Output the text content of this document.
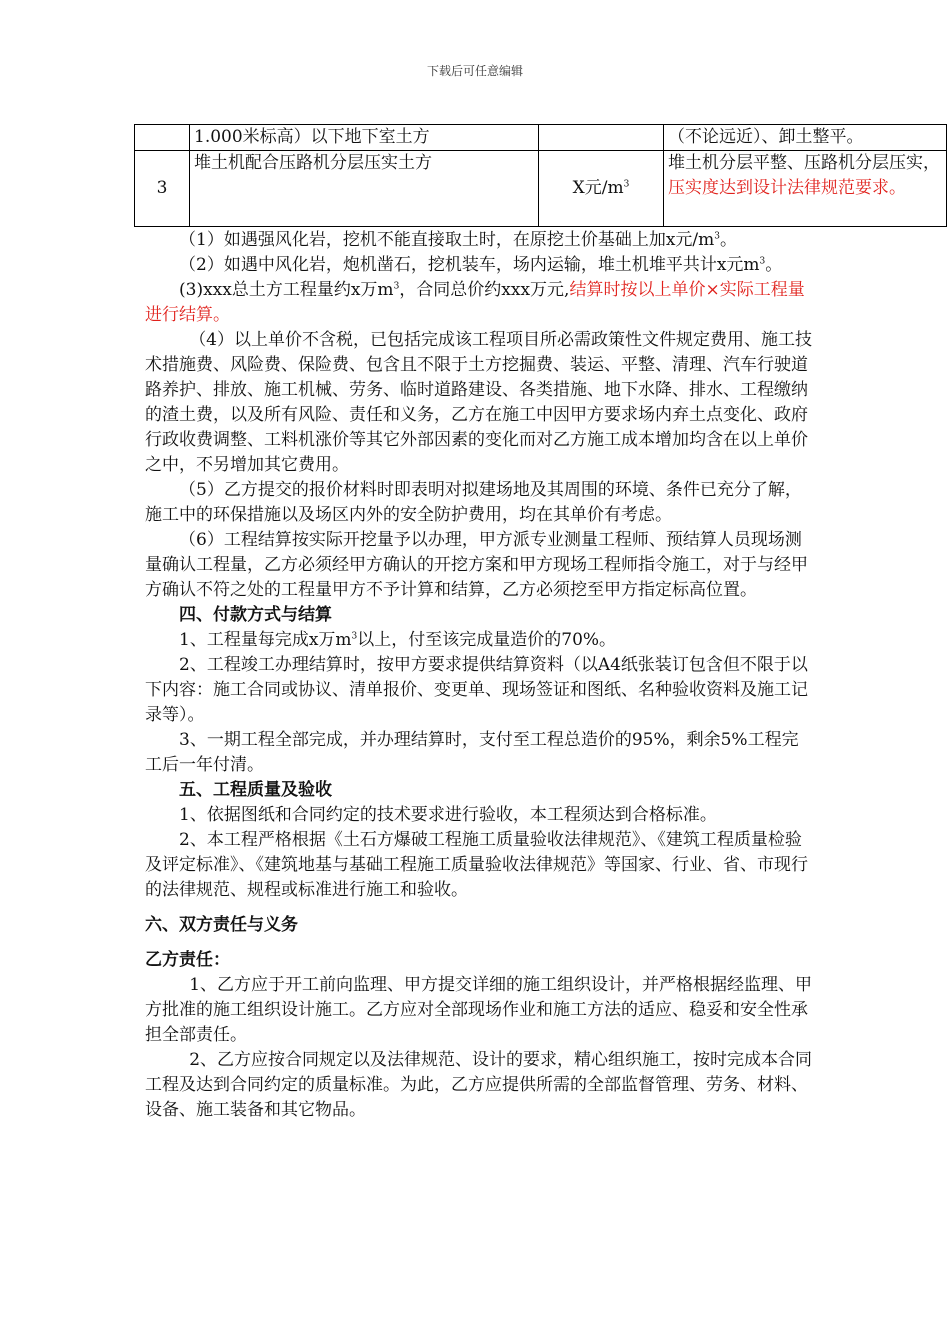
下载后可任意编辑
	1.000米标高）以下地下室土方		（不论远近）、卸土整平。
3	堆土机配合压路机分层压实土方	X元$/m^3$	堆土机分层平整、压路机分层压实，压实度达到设计法律规范要求。

（1）如遇强风化岩，挖机不能直接取土时，在原挖土价基础上加x元$/m^3$。

（2）如遇中风化岩，炮机凿石，挖机装车，场内运输，堆土机堆平共计x元$m^3$。

(3)xxx总土方工程量约x万$m^3$，合同总价约xxx万元,结算时按以上单价×实际工程量进行结算。

（4）以上单价不含税，已包括完成该工程项目所必需政策性文件规定费用、施工技术措施费、风险费、保险费、包含且不限于土方挖掘费、装运、平整、清理、汽车行驶道路养护、排放、施工机械、劳务、临时道路建设、各类措施、地下水降、排水、工程缴纳的渣土费，以及所有风险、责任和义务，乙方在施工中因甲方要求场内弃土点变化、政府行政收费调整、工料机涨价等其它外部因素的变化而对乙方施工成本增加均含在以上单价之中，不另增加其它费用。

（5）乙方提交的报价材料时即表明对拟建场地及其周围的环境、条件已充分了解，施工中的环保措施以及场区内外的安全防护费用，均在其单价有考虑。

（6）工程结算按实际开挖量予以办理，甲方派专业测量工程师、预结算人员现场测量确认工程量，乙方必须经甲方确认的开挖方案和甲方现场工程师指令施工，对于与经甲方确认不符之处的工程量甲方不予计算和结算，乙方必须挖至甲方指定标高位置。

四、付款方式与结算

1、工程量每完成x万$m^3$以上，付至该完成量造价的70%。

2、工程竣工办理结算时，按甲方要求提供结算资料（以A4纸张装订包含但不限于以下内容：施工合同或协议、清单报价、变更单、现场签证和图纸、名种验收资料及施工记录等）。

3、一期工程全部完成，并办理结算时，支付至工程总造价的95%，剩余5%工程完工后一年付清。

五、工程质量及验收

1、依据图纸和合同约定的技术要求进行验收，本工程须达到合格标准。

2、本工程严格根据《土石方爆破工程施工质量验收法律规范》、《建筑工程质量检验及评定标准》、《建筑地基与基础工程施工质量验收法律规范》等国家、行业、省、市现行的法律规范、规程或标准进行施工和验收。

六、双方责任与义务

乙方责任：

1、乙方应于开工前向监理、甲方提交详细的施工组织设计，并严格根据经监理、甲方批准的施工组织设计施工。乙方应对全部现场作业和施工方法的适应、稳妥和安全性承担全部责任。

2、乙方应按合同规定以及法律规范、设计的要求，精心组织施工，按时完成本合同工程及达到合同约定的质量标准。为此，乙方应提供所需的全部监督管理、劳务、材料、设备、施工装备和其它物品。
